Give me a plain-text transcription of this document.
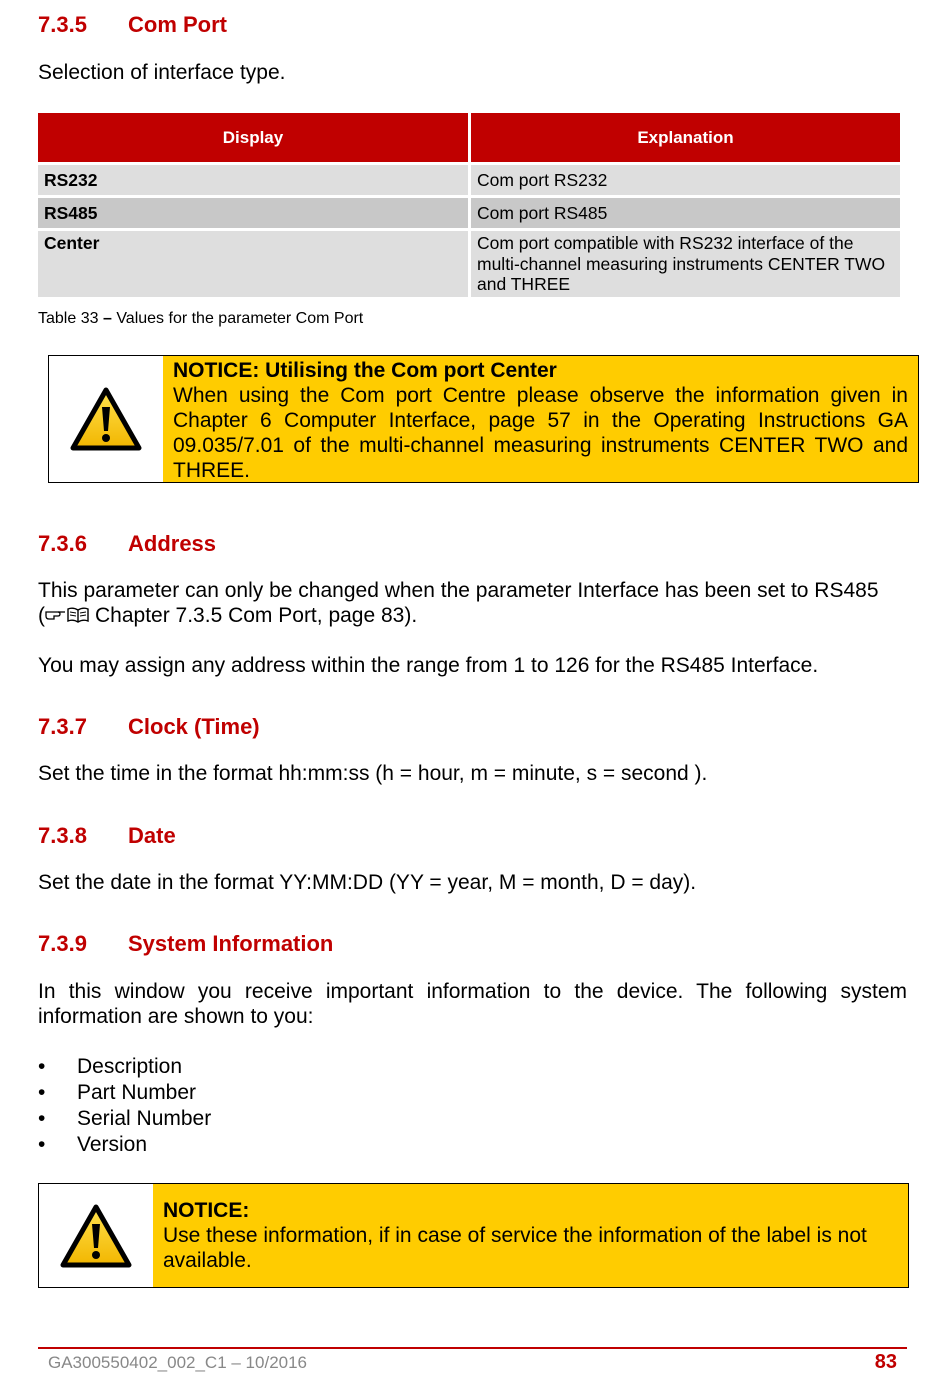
7.3.5 Com Port
Selection of interface type.
Display	Explanation
RS232	Com port RS232
RS485	Com port RS485
Center	Com port compatible with RS232 interface of the multi-channel measuring instruments CENTER TWO and THREE
Table 33 – Values for the parameter Com Port
NOTICE: Utilising the Com port Center
When using the Com port Centre please observe the information given in Chapter 6 Computer Interface, page 57 in the Operating Instructions GA 09.035/7.01 of the multi-channel measuring instruments CENTER TWO and THREE.
7.3.6 Address
This parameter can only be changed when the parameter Interface has been set to RS485
( Chapter 7.3.5 Com Port, page 83).
You may assign any address within the range from 1 to 126 for the RS485 Interface.
7.3.7 Clock (Time)
Set the time in the format hh:mm:ss (h = hour, m = minute, s = second ).
7.3.8 Date
Set the date in the format YY:MM:DD (YY = year, M = month, D = day).
7.3.9 System Information
In this window you receive important information to the device. The following system information are shown to you:
• Description
• Part Number
• Serial Number
• Version
NOTICE:
Use these information, if in case of service the information of the label is not available.
GA300550402_002_C1 – 10/2016	83
